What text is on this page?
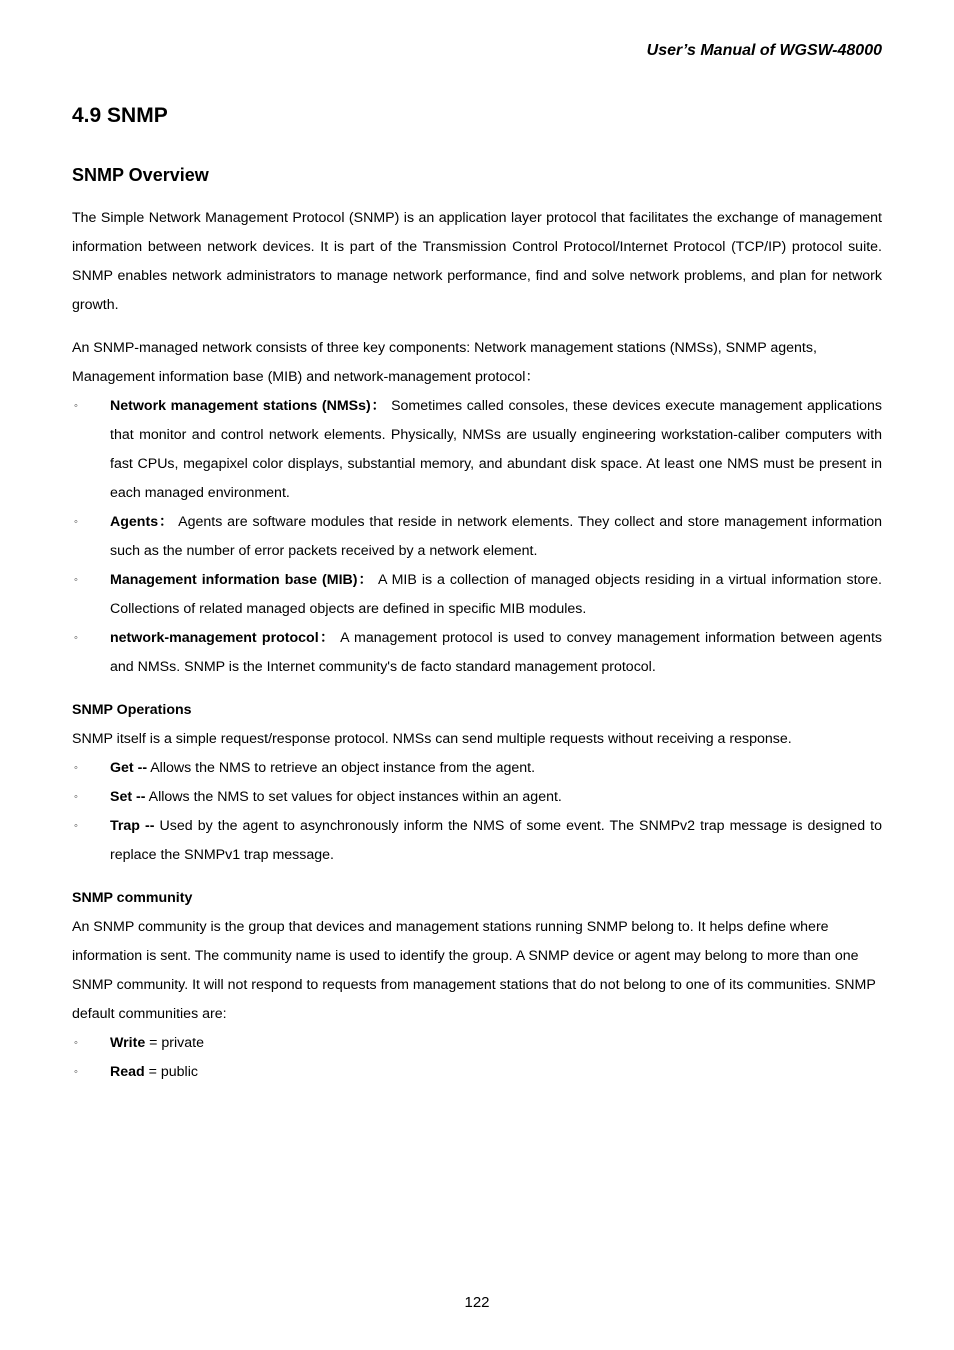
User’s Manual of WGSW-48000
4.9 SNMP
SNMP Overview

The Simple Network Management Protocol (SNMP) is an application layer protocol that facilitates the exchange of management information between network devices. It is part of the Transmission Control Protocol/Internet Protocol (TCP/IP) protocol suite. SNMP enables network administrators to manage network performance, find and solve network problems, and plan for network growth.

An SNMP-managed network consists of three key components: Network management stations (NMSs), SNMP agents, Management information base (MIB) and network-management protocol：

◦ Network management stations (NMSs)： Sometimes called consoles, these devices execute management applications that monitor and control network elements. Physically, NMSs are usually engineering workstation-caliber computers with fast CPUs, megapixel color displays, substantial memory, and abundant disk space. At least one NMS must be present in each managed environment.
◦ Agents： Agents are software modules that reside in network elements. They collect and store management information such as the number of error packets received by a network element.
◦ Management information base (MIB)： A MIB is a collection of managed objects residing in a virtual information store. Collections of related managed objects are defined in specific MIB modules.
◦ network-management protocol： A management protocol is used to convey management information between agents and NMSs. SNMP is the Internet community's de facto standard management protocol.
SNMP Operations

SNMP itself is a simple request/response protocol. NMSs can send multiple requests without receiving a response.

◦ Get -- Allows the NMS to retrieve an object instance from the agent.
◦ Set -- Allows the NMS to set values for object instances within an agent.
◦ Trap -- Used by the agent to asynchronously inform the NMS of some event. The SNMPv2 trap message is designed to replace the SNMPv1 trap message.
SNMP community

An SNMP community is the group that devices and management stations running SNMP belong to. It helps define where information is sent. The community name is used to identify the group. A SNMP device or agent may belong to more than one SNMP community. It will not respond to requests from management stations that do not belong to one of its communities. SNMP default communities are:

◦ Write = private
◦ Read = public
122
